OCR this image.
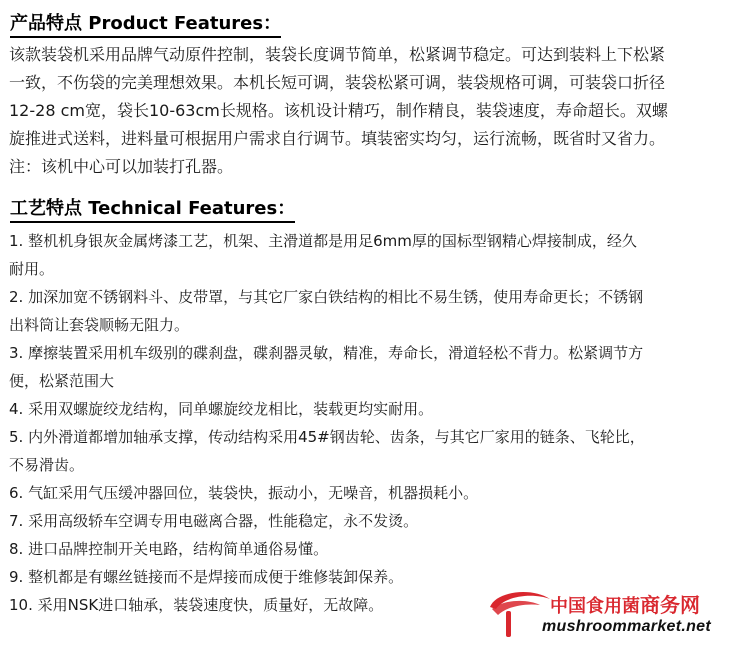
产品特点 Product Features：
该款装袋机采用品牌气动原件控制，装袋长度调节简单，松紧调节稳定。可达到装料上下松紧
一致，不伤袋的完美理想效果。本机长短可调，装袋松紧可调，装袋规格可调，可装袋口折径
12-28 cm宽，袋长10-63cm长规格。该机设计精巧，制作精良，装袋速度，寿命超长。双螺
旋推进式送料，进料量可根据用户需求自行调节。填装密实均匀，运行流畅，既省时又省力。
注：该机中心可以加装打孔器。
工艺特点 Technical Features：
1. 整机机身银灰金属烤漆工艺，机架、主滑道都是用足6mm厚的国标型钢精心焊接制成，经久
耐用。
2. 加深加宽不锈钢料斗、皮带罩，与其它厂家白铁结构的相比不易生锈，使用寿命更长；不锈钢
出料筒让套袋顺畅无阻力。
3. 摩擦装置采用机车级别的碟刹盘，碟刹器灵敏，精准，寿命长，滑道轻松不背力。松紧调节方
便，松紧范围大
4. 采用双螺旋绞龙结构，同单螺旋绞龙相比，装载更均实耐用。
5. 内外滑道都增加轴承支撑，传动结构采用45#钢齿轮、齿条，与其它厂家用的链条、飞轮比，
不易滑齿。
6. 气缸采用气压缓冲器回位，装袋快，振动小，无噪音，机器损耗小。
7. 采用高级轿车空调专用电磁离合器，性能稳定，永不发烫。
8. 进口品牌控制开关电路，结构简单通俗易懂。
9. 整机都是有螺丝链接而不是焊接而成便于维修装卸保养。
10. 采用NSK进口轴承，装袋速度快，质量好，无故障。	中国食用菌商务网
mushroommarket.net
